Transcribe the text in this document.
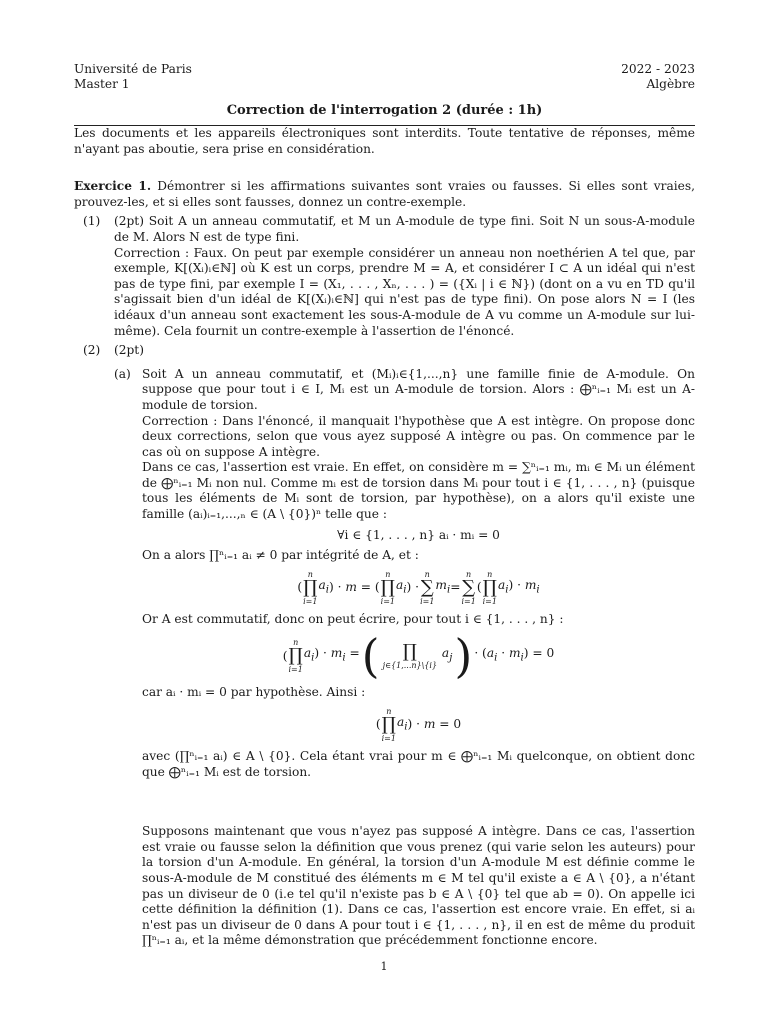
Université de Paris
Master 1
2022 - 2023
Algèbre
Correction de l'interrogation 2 (durée : 1h)

Les documents et les appareils électroniques sont interdits. Toute tentative de réponses, même n'ayant pas aboutie, sera prise en considération.

Exercice 1. Démontrer si les affirmations suivantes sont vraies ou fausses. Si elles sont vraies, prouvez-les, et si elles sont fausses, donnez un contre-exemple.
(1) (2pt) Soit A un anneau commutatif, et M un A-module de type fini. Soit N un sous-A-module de M. Alors N est de type fini.

Correction : Faux. On peut par exemple considérer un anneau non noethérien A tel que, par exemple, K[(Xᵢ)ᵢ∈ℕ] où K est un corps, prendre M = A, et considérer I ⊂ A un idéal qui n'est pas de type fini, par exemple I = (X₁, . . . , Xₙ, . . . ) = ({Xᵢ | i ∈ ℕ}) (dont on a vu en TD qu'il s'agissait bien d'un idéal de K[(Xᵢ)ᵢ∈ℕ] qui n'est pas de type fini). On pose alors N = I (les idéaux d'un anneau sont exactement les sous-A-module de A vu comme un A-module sur lui-même). Cela fournit un contre-exemple à l'assertion de l'énoncé.

(2) (2pt)

(a) Soit A un anneau commutatif, et (Mᵢ)ᵢ∈{1,...,n} une famille finie de A-module. On suppose que pour tout i ∈ I, Mᵢ est un A-module de torsion. Alors : ⨁ⁿᵢ₌₁ Mᵢ est un A-module de torsion.

Correction : Dans l'énoncé, il manquait l'hypothèse que A est intègre. On propose donc deux corrections, selon que vous ayez supposé A intègre ou pas. On commence par le cas où on suppose A intègre.

Dans ce cas, l'assertion est vraie. En effet, on considère m = ∑ⁿᵢ₌₁ mᵢ, mᵢ ∈ Mᵢ un élément de ⨁ⁿᵢ₌₁ Mᵢ non nul. Comme mᵢ est de torsion dans Mᵢ pour tout i ∈ {1, . . . , n} (puisque tous les éléments de Mᵢ sont de torsion, par hypothèse), on a alors qu'il existe une famille (aᵢ)ᵢ₌₁,...,ₙ ∈ (A \ {0})ⁿ telle que :

∀i ∈ {1, . . . , n} aᵢ · mᵢ = 0

On a alors ∏ⁿᵢ₌₁ aᵢ ≠ 0 par intégrité de A, et :

(
n
∏
i=1
$a_i$ ) · m = (
n
∏
i=1
$a_i$ ) ·
n
∑
i=1
$m_i$ =
n
∑
i=1
(
n
∏
i=1
$a_i$ ) · $m_i$

Or A est commutatif, donc on peut écrire, pour tout i ∈ {1, . . . , n} :

(
n
∏
i=1
$a_i$ ) · $m_i$ = ( ∏
j∈{1,...n}\{i}
$a_j$ ) · $(a_i \cdot m_i) = 0$

car aᵢ · mᵢ = 0 par hypothèse. Ainsi :

(
n
∏
i=1
$a_i$ ) · m = 0

avec (∏ⁿᵢ₌₁ aᵢ) ∈ A \ {0}. Cela étant vrai pour m ∈ ⨁ⁿᵢ₌₁ Mᵢ quelconque, on obtient donc que ⨁ⁿᵢ₌₁ Mᵢ est de torsion.

Supposons maintenant que vous n'ayez pas supposé A intègre. Dans ce cas, l'assertion est vraie ou fausse selon la définition que vous prenez (qui varie selon les auteurs) pour la torsion d'un A-module. En général, la torsion d'un A-module M est définie comme le sous-A-module de M constitué des éléments m ∈ M tel qu'il existe a ∈ A \ {0}, a n'étant pas un diviseur de 0 (i.e tel qu'il n'existe pas b ∈ A \ {0} tel que ab = 0). On appelle ici cette définition la définition (1). Dans ce cas, l'assertion est encore vraie. En effet, si aᵢ n'est pas un diviseur de 0 dans A pour tout i ∈ {1, . . . , n}, il en est de même du produit ∏ⁿᵢ₌₁ aᵢ, et la même démonstration que précédemment fonctionne encore.

1
